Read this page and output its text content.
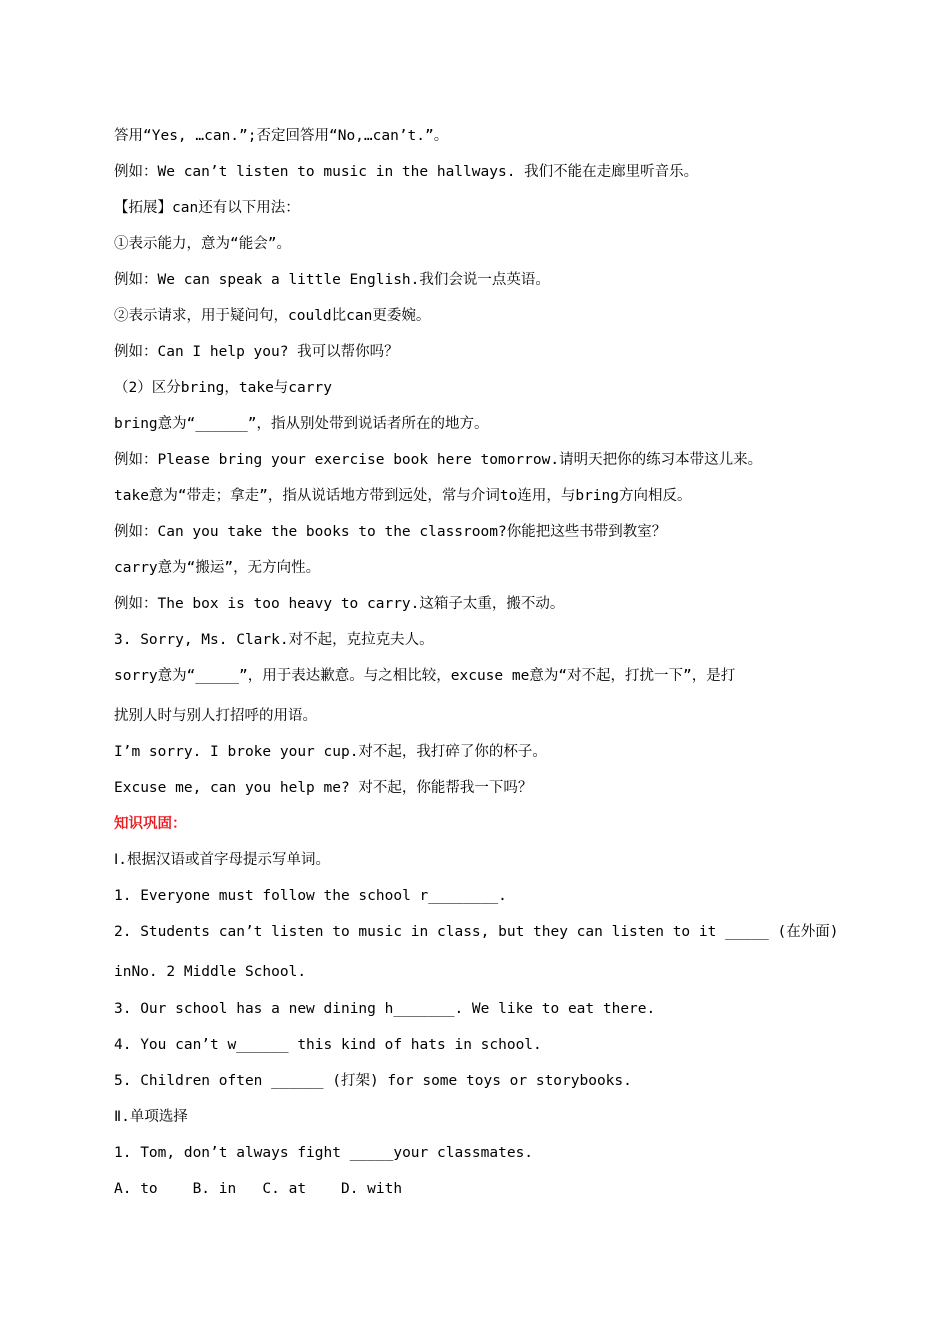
答用“Yes, …can.”;否定回答用“No,…can’t.”。
例如：We can’t listen to music in the hallways. 我们不能在走廊里听音乐。
【拓展】can还有以下用法：
①表示能力，意为“能会”。
例如：We can speak a little English.我们会说一点英语。
②表示请求，用于疑问句，could比can更委婉。
例如：Can I help you? 我可以帮你吗？
（2）区分bring，take与carry
bring意为“______”，指从别处带到说话者所在的地方。
例如：Please bring your exercise book here tomorrow.请明天把你的练习本带这儿来。
take意为“带走；拿走”，指从说话地方带到远处，常与介词to连用，与bring方向相反。
例如：Can you take the books to the classroom?你能把这些书带到教室？
carry意为“搬运”，无方向性。
例如：The box is too heavy to carry.这箱子太重，搬不动。
3. Sorry, Ms. Clark.对不起，克拉克夫人。
sorry意为“_____”，用于表达歉意。与之相比较，excuse me意为“对不起，打扰一下”，是打
扰别人时与别人打招呼的用语。
I’m sorry. I broke your cup.对不起，我打碎了你的杯子。
Excuse me, can you help me? 对不起，你能帮我一下吗？
知识巩固：
Ⅰ.根据汉语或首字母提示写单词。
1. Everyone must follow the school r________.
2. Students can’t listen to music in class, but they can listen to it _____ (在外面)
inNo. 2 Middle School.
3. Our school has a new dining h_______. We like to eat there.
4. You can’t w______ this kind of hats in school.
5. Children often ______ (打架) for some toys or storybooks.
Ⅱ.单项选择
1. Tom, don’t always fight _____your classmates.
A. to    B. in   C. at    D. with
